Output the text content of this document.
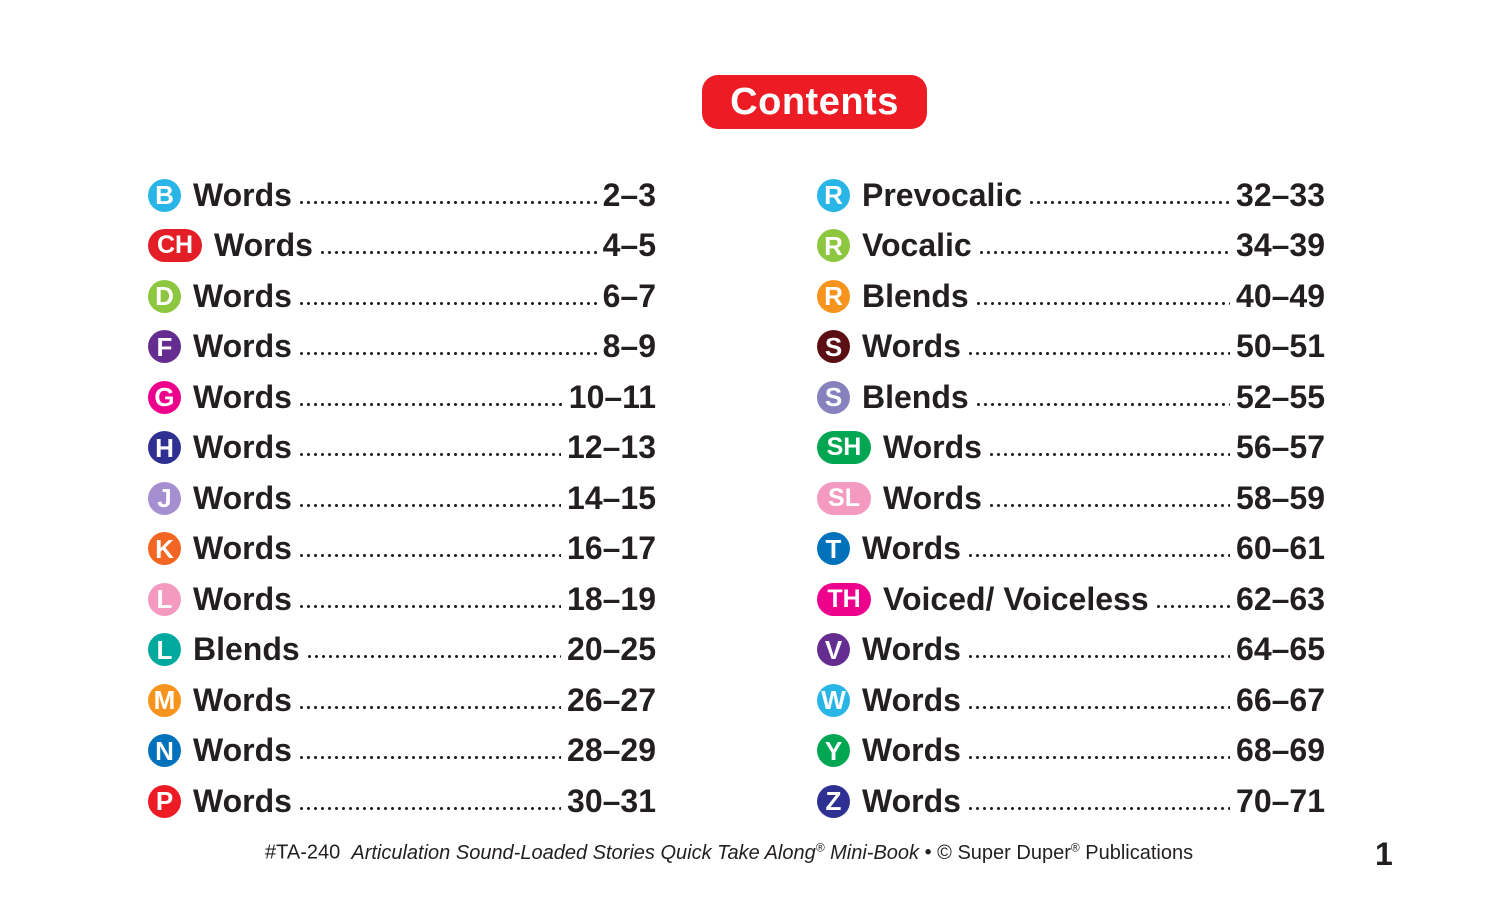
Contents
B Words	2–3
CH Words	4–5
D Words	6–7
F Words	8–9
G Words	10–11
H Words	12–13
J Words	14–15
K Words	16–17
L Words	18–19
L Blends	20–25
M Words	26–27
N Words	28–29
P Words	30–31
R Prevocalic	32–33
R Vocalic	34–39
R Blends	40–49
S Words	50–51
S Blends	52–55
SH Words	56–57
SL Words	58–59
T Words	60–61
TH Voiced/ Voiceless	62–63
V Words	64–65
W Words	66–67
Y Words	68–69
Z Words	70–71
#TA-240 Articulation Sound-Loaded Stories Quick Take Along® Mini-Book • © Super Duper® Publications	1
